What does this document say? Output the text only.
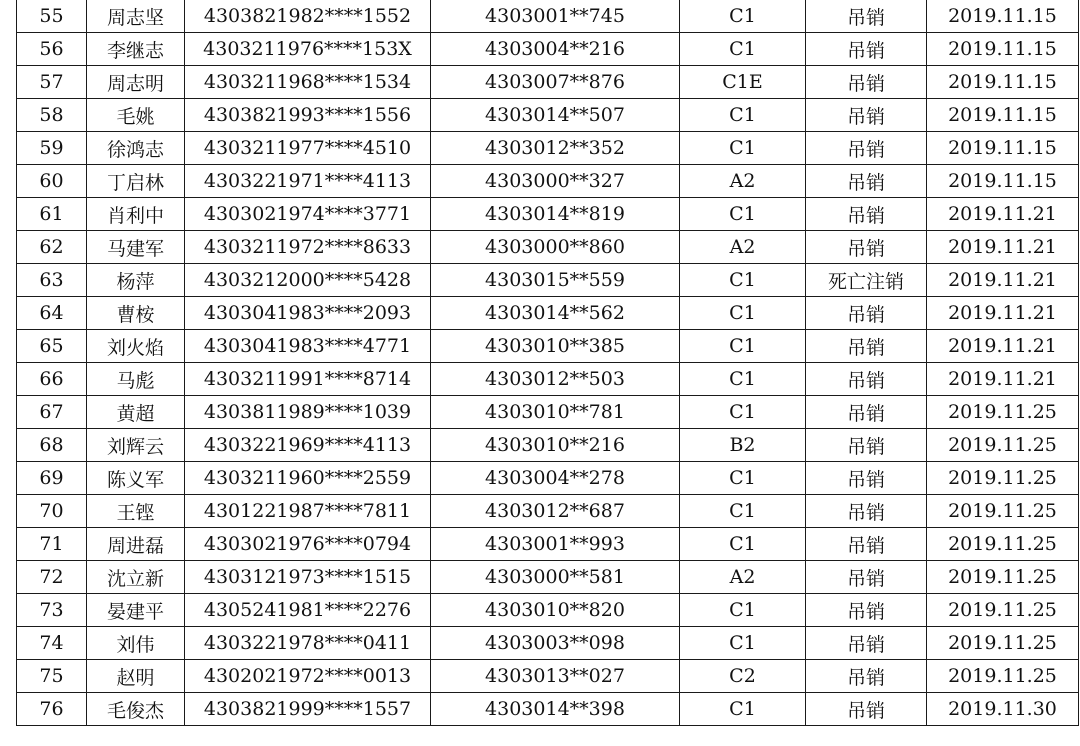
55	周志坚	4303821982****1552	4303001**745	C1	吊销	2019.11.15
56	李继志	4303211976****153X	4303004**216	C1	吊销	2019.11.15
57	周志明	4303211968****1534	4303007**876	C1E	吊销	2019.11.15
58	毛姚	4303821993****1556	4303014**507	C1	吊销	2019.11.15
59	徐鸿志	4303211977****4510	4303012**352	C1	吊销	2019.11.15
60	丁启林	4303221971****4113	4303000**327	A2	吊销	2019.11.15
61	肖利中	4303021974****3771	4303014**819	C1	吊销	2019.11.21
62	马建军	4303211972****8633	4303000**860	A2	吊销	2019.11.21
63	杨萍	4303212000****5428	4303015**559	C1	死亡注销	2019.11.21
64	曹桉	4303041983****2093	4303014**562	C1	吊销	2019.11.21
65	刘火焰	4303041983****4771	4303010**385	C1	吊销	2019.11.21
66	马彪	4303211991****8714	4303012**503	C1	吊销	2019.11.21
67	黄超	4303811989****1039	4303010**781	C1	吊销	2019.11.25
68	刘辉云	4303221969****4113	4303010**216	B2	吊销	2019.11.25
69	陈义军	4303211960****2559	4303004**278	C1	吊销	2019.11.25
70	王铿	4301221987****7811	4303012**687	C1	吊销	2019.11.25
71	周进磊	4303021976****0794	4303001**993	C1	吊销	2019.11.25
72	沈立新	4303121973****1515	4303000**581	A2	吊销	2019.11.25
73	晏建平	4305241981****2276	4303010**820	C1	吊销	2019.11.25
74	刘伟	4303221978****0411	4303003**098	C1	吊销	2019.11.25
75	赵明	4302021972****0013	4303013**027	C2	吊销	2019.11.25
76	毛俊杰	4303821999****1557	4303014**398	C1	吊销	2019.11.30
